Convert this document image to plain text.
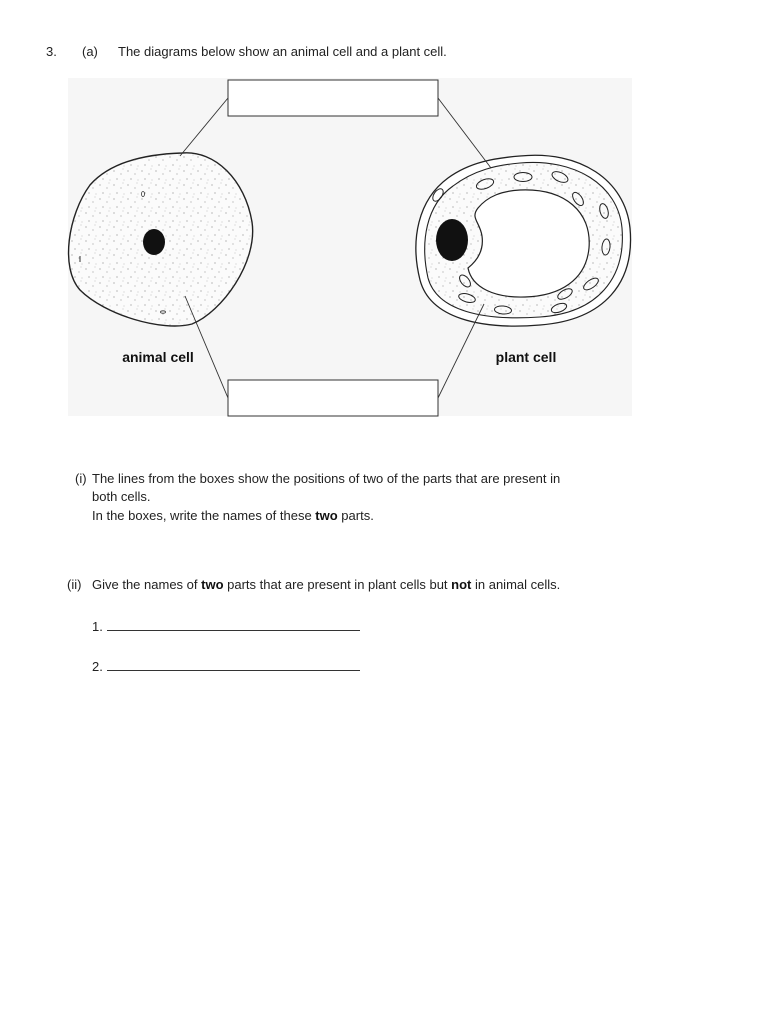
3. (a) The diagrams below show an animal cell and a plant cell.
animal cell	plant cell
(i) The lines from the boxes show the positions of two of the parts that are present in
both cells.
In the boxes, write the names of these two parts.
(ii) Give the names of two parts that are present in plant cells but not in animal cells.
1.
2.
